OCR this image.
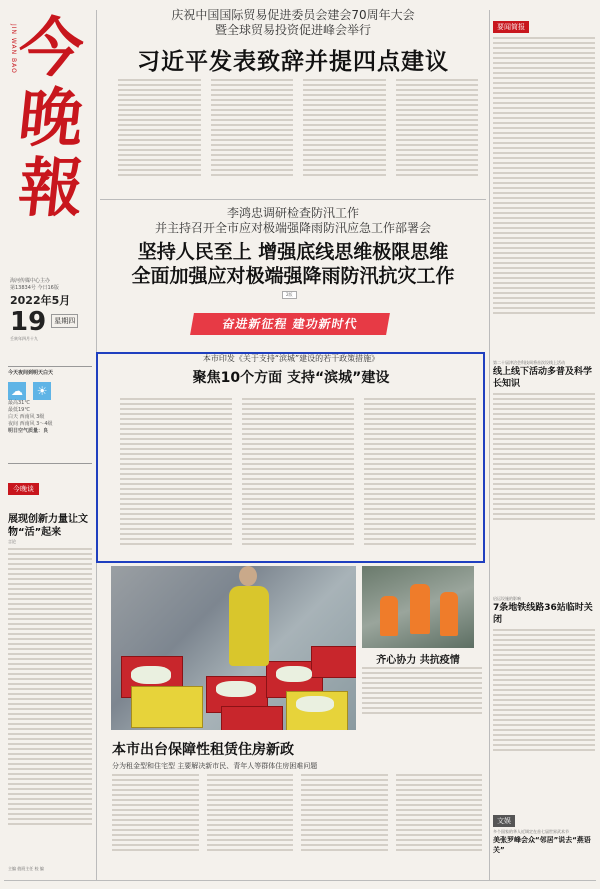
JIN WAN BAO
今
晚
報
海河传媒中心主办
第13834号 今日16版
2022年5月
19 星期四
壬寅年四月十九
今天夜间到明天白天
☁ ☀
最高31℃
最低19℃
白天 西南风 3级
夜间 西南风 3～4级
明日空气质量：良
今晚谈
展现创新力量让文物“活”起来
言论
主编 值班主任 校 编
庆祝中国国际贸易促进委员会建会70周年大会
暨全球贸易投资促进峰会举行
习近平发表致辞并提四点建议
李鸿忠调研检查防汛工作
并主持召开全市应对极端强降雨防汛应急工作部署会
坚持人民至上 增强底线思维极限思维
全面加强应对极端强降雨防汛抗灾工作
2版
奋进新征程 建功新时代
本市印发《关于支持“滨城”建设的若干政策措施》
聚焦10个方面 支持“滨城”建设
齐心协力 共抗疫情
本市出台保障性租赁住房新政
分为租金型和住宅型 主要解决新市民、青年人等群体住房困难问题
要闻简报
第二十届津洽会科技周将首次设线上活动
线上线下活动多普及科学长知识
启运设施的影响
7条地铁线路36站临时关闭
文娱
多个国家的华人近调定在首七届世界武术节
美张罗峰会众“邻居”说去“燕语关”
